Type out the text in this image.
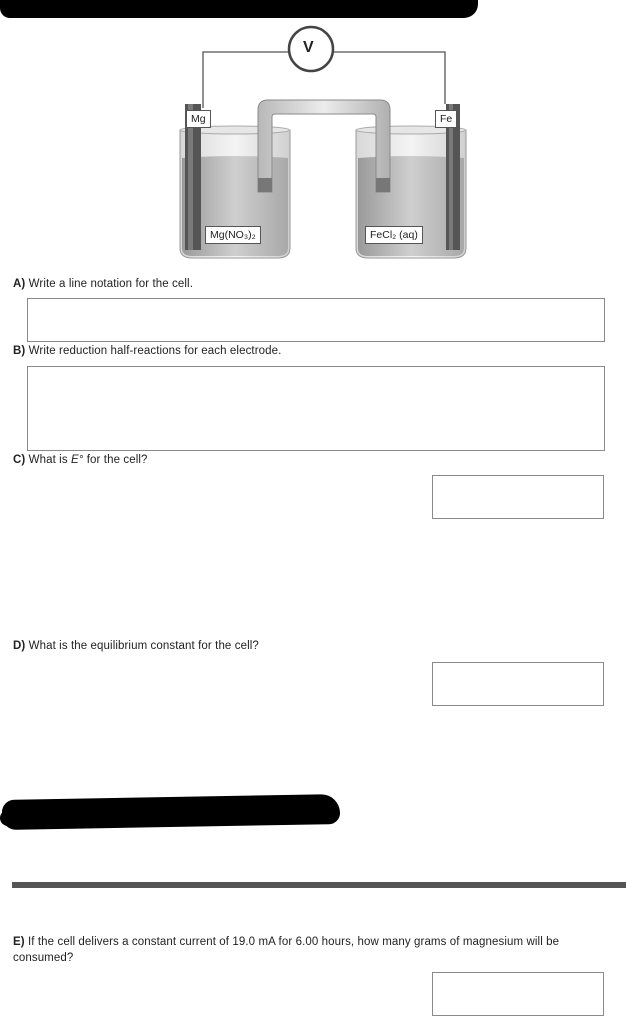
V
Mg	Fe
Mg(NO₃)₂	FeCl₂ (aq)
A) Write a line notation for the cell.
B) Write reduction half-reactions for each electrode.
C) What is E° for the cell?
D) What is the equilibrium constant for the cell?
E) If the cell delivers a constant current of 19.0 mA for 6.00 hours, how many grams of magnesium will be consumed?
